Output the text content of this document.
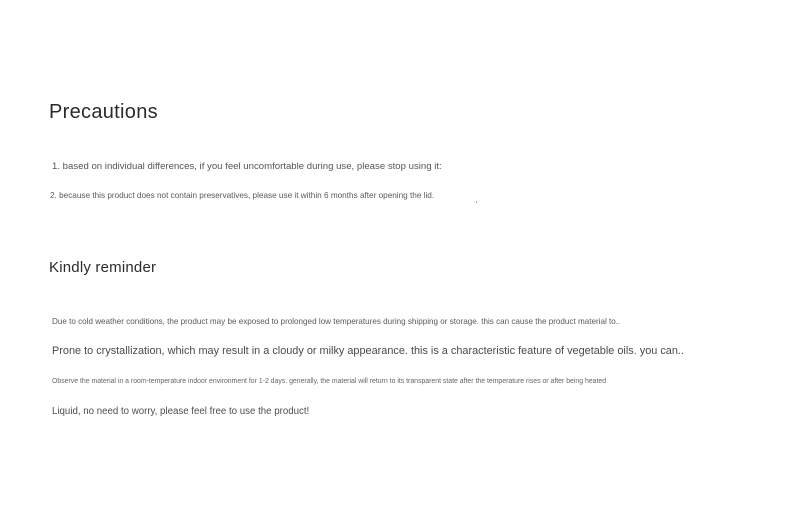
Precautions

1. based on individual differences, if you feel uncomfortable during use, please stop using it:

2. because this product does not contain preservatives, please use it within 6 months after opening the lid.

Kindly reminder

Due to cold weather conditions, the product may be exposed to prolonged low temperatures during shipping or storage. this can cause the product material to..

Prone to crystallization, which may result in a cloudy or milky appearance. this is a characteristic feature of vegetable oils. you can..

Observe the material in a room-temperature indoor environment for 1-2 days. generally, the material will return to its transparent state after the temperature rises or after being heated

Liquid, no need to worry, please feel free to use the product!
